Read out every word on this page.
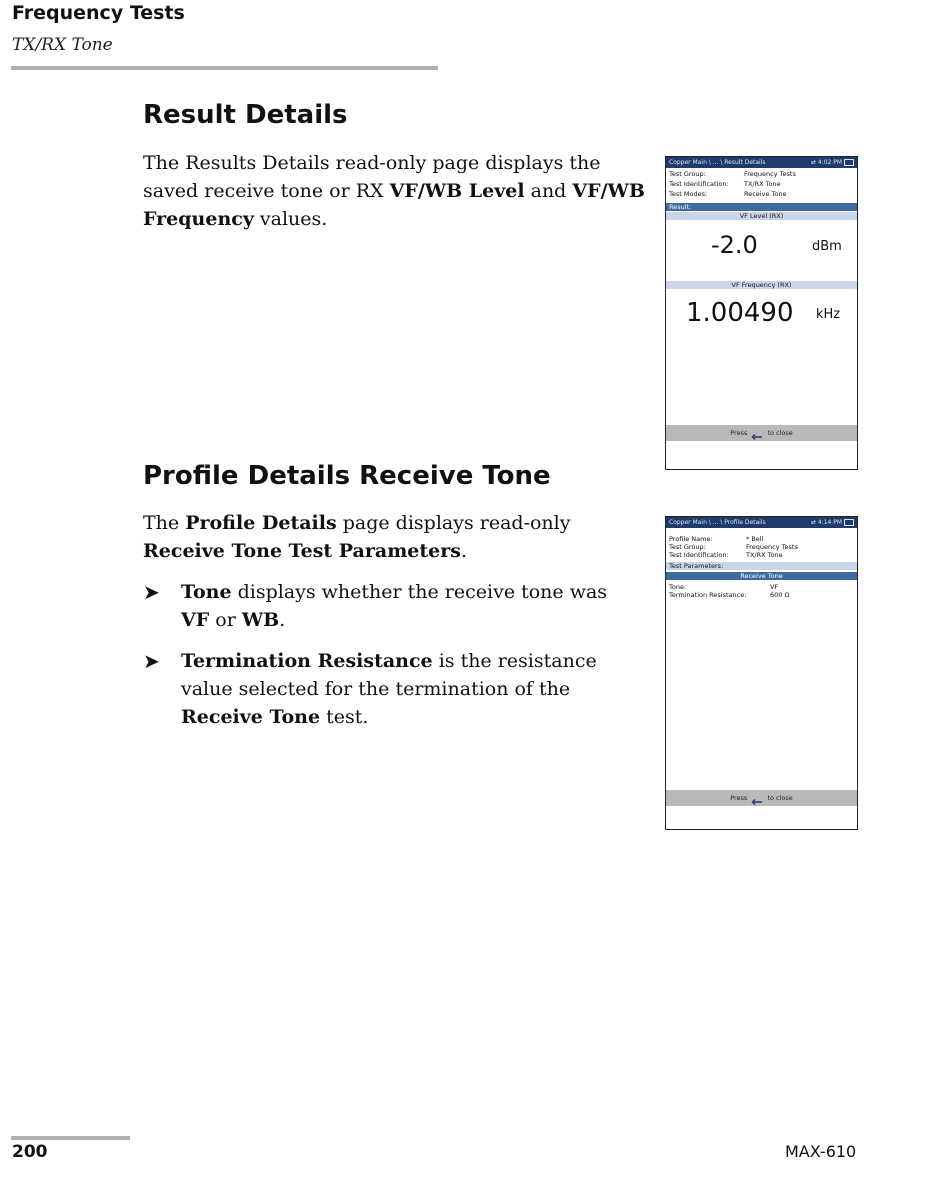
Frequency Tests
TX/RX Tone
Result Details
The Results Details read-only page displays the saved receive tone or RX VF/WB Level and VF/WB Frequency values.
Copper Main \ ... \ Result Details	⇄ 4:02 PM
Test Group:	Frequency Tests
Test Identification: TX/RX Tone
Test Modes:	Receive Tone
Result:
VF Level (RX)
-2.0	dBm
VF Frequency (RX)
1.00490 kHz
Press	to close
Profile Details Receive Tone
The Profile Details page displays read-only Receive Tone Test Parameters.
➤ Tone displays whether the receive tone was VF or WB.
➤ Termination Resistance is the resistance value selected for the termination of the Receive Tone test.
Copper Main \ ... \ Profile Details	⇄ 4:14 PM
Profile Name:	* Bell
Test Group:	Frequency Tests
Test Identification:	TX/RX Tone
Test Parameters:
Receive Tone
Tone:	VF
Termination Resistance:	600 Ω
Press	to close
200	MAX-610
